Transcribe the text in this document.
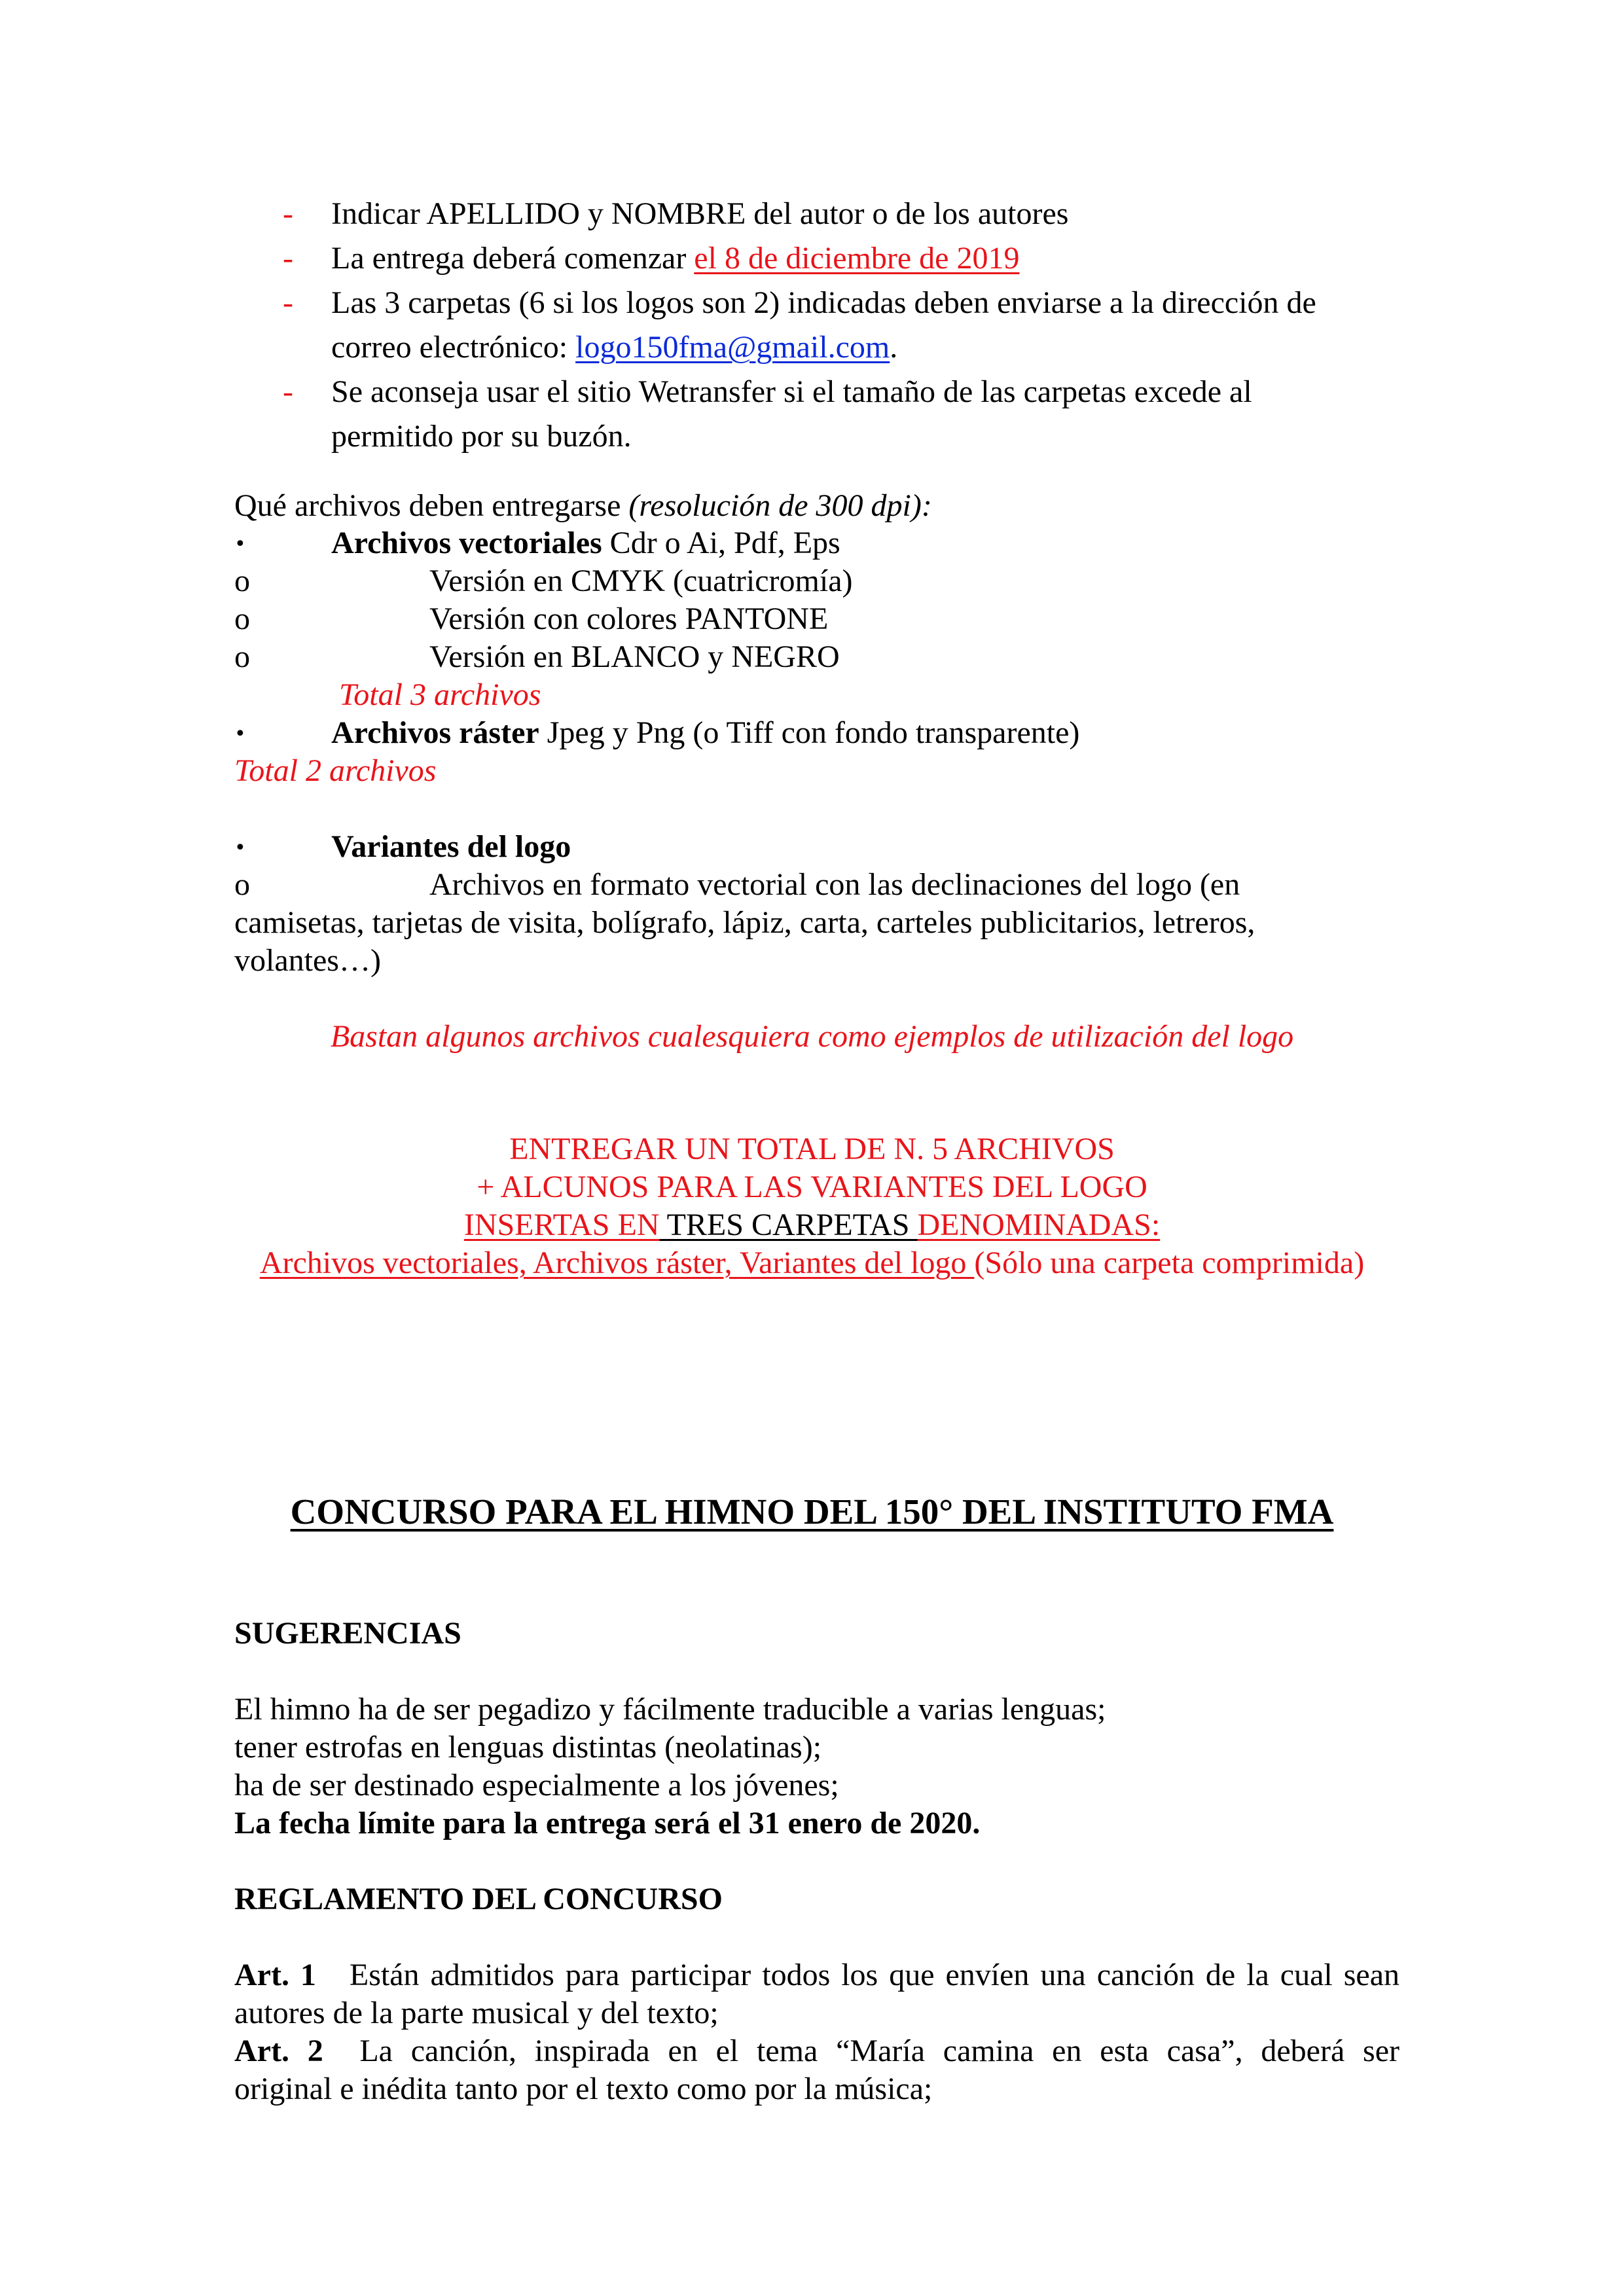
- Indicar APELLIDO y NOMBRE del autor o de los autores
- La entrega deberá comenzar el 8 de diciembre de 2019
- Las 3 carpetas (6 si los logos son 2) indicadas deben enviarse a la dirección de
correo electrónico: logo150fma@gmail.com.
- Se aconseja usar el sitio Wetransfer si el tamaño de las carpetas excede al
permitido por su buzón.
Qué archivos deben entregarse (resolución de 300 dpi):
•	Archivos vectoriales Cdr o Ai, Pdf, Eps
o	Versión en CMYK (cuatricromía)
o	Versión con colores PANTONE
o	Versión en BLANCO y NEGRO
Total 3 archivos
•	Archivos ráster Jpeg y Png (o Tiff con fondo transparente)
Total 2 archivos
•	Variantes del logo
o	Archivos en formato vectorial con las declinaciones del logo (en
camisetas, tarjetas de visita, bolígrafo, lápiz, carta, carteles publicitarios, letreros,
volantes…)
Bastan algunos archivos cualesquiera como ejemplos de utilización del logo
ENTREGAR UN TOTAL DE N. 5 ARCHIVOS
+ ALCUNOS PARA LAS VARIANTES DEL LOGO
INSERTAS EN TRES CARPETAS DENOMINADAS:
Archivos vectoriales, Archivos ráster, Variantes del logo (Sólo una carpeta comprimida)
CONCURSO PARA EL HIMNO DEL 150° DEL INSTITUTO FMA
SUGERENCIAS
El himno ha de ser pegadizo y fácilmente traducible a varias lenguas;
tener estrofas en lenguas distintas (neolatinas);
ha de ser destinado especialmente a los jóvenes;
La fecha límite para la entrega será el 31 enero de 2020.
REGLAMENTO DEL CONCURSO
Art. 1 Están admitidos para participar todos los que envíen una canción de la cual sean
autores de la parte musical y del texto;
Art. 2 La canción, inspirada en el tema “María camina en esta casa”, deberá ser
original e inédita tanto por el texto como por la música;
